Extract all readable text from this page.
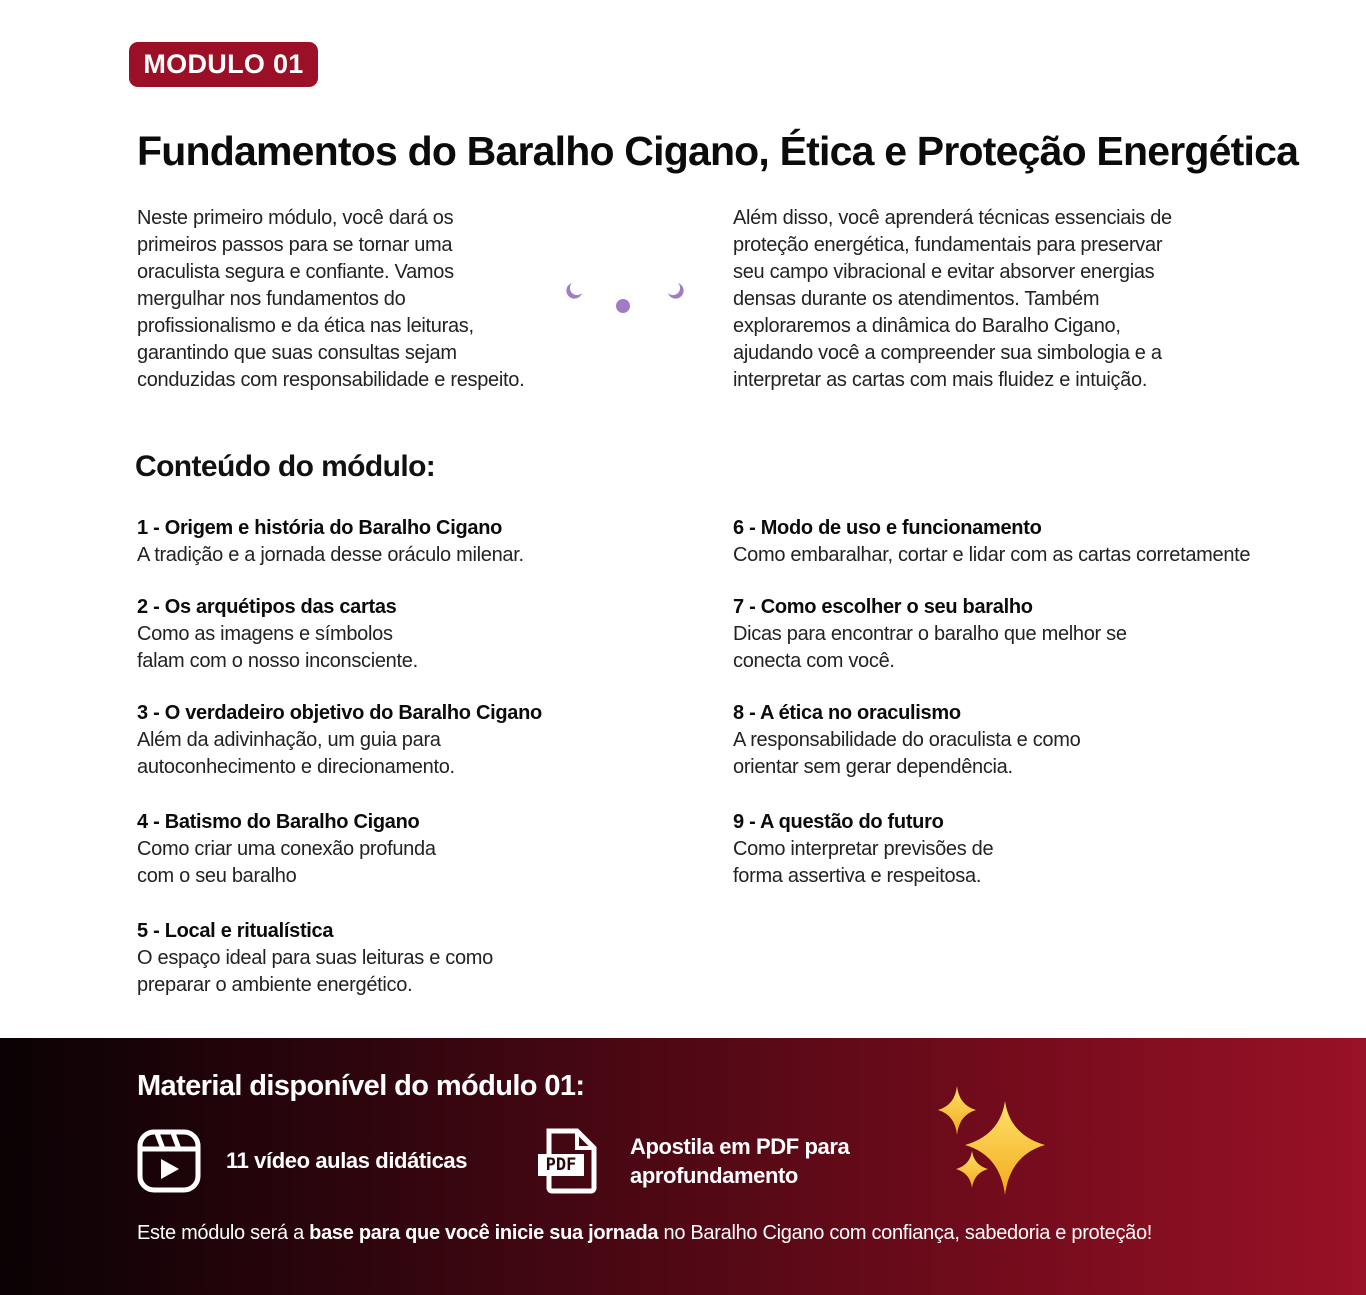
MODULO 01
Fundamentos do Baralho Cigano, Ética e Proteção Energética
Neste primeiro módulo, você dará os
primeiros passos para se tornar uma
oraculista segura e confiante. Vamos
mergulhar nos fundamentos do
profissionalismo e da ética nas leituras,
garantindo que suas consultas sejam
conduzidas com responsabilidade e respeito.
Além disso, você aprenderá técnicas essenciais de
proteção energética, fundamentais para preservar
seu campo vibracional e evitar absorver energias
densas durante os atendimentos. Também
exploraremos a dinâmica do Baralho Cigano,
ajudando você a compreender sua simbologia e a
interpretar as cartas com mais fluidez e intuição.
Conteúdo do módulo:
1 - Origem e história do Baralho Cigano
A tradição e a jornada desse oráculo milenar.
2 - Os arquétipos das cartas
Como as imagens e símbolos
falam com o nosso inconsciente.
3 - O verdadeiro objetivo do Baralho Cigano
Além da adivinhação, um guia para
autoconhecimento e direcionamento.
4 - Batismo do Baralho Cigano
Como criar uma conexão profunda
com o seu baralho
5 - Local e ritualística
O espaço ideal para suas leituras e como
preparar o ambiente energético.
6 - Modo de uso e funcionamento
Como embaralhar, cortar e lidar com as cartas corretamente
7 - Como escolher o seu baralho
Dicas para encontrar o baralho que melhor se
conecta com você.
8 - A ética no oraculismo
A responsabilidade do oraculista e como
orientar sem gerar dependência.
9 - A questão do futuro
Como interpretar previsões de
forma assertiva e respeitosa.
Material disponível do módulo 01:
11 vídeo aulas didáticas	PDF
Apostila em PDF para
aprofundamento
Este módulo será a base para que você inicie sua jornada no Baralho Cigano com confiança, sabedoria e proteção!
